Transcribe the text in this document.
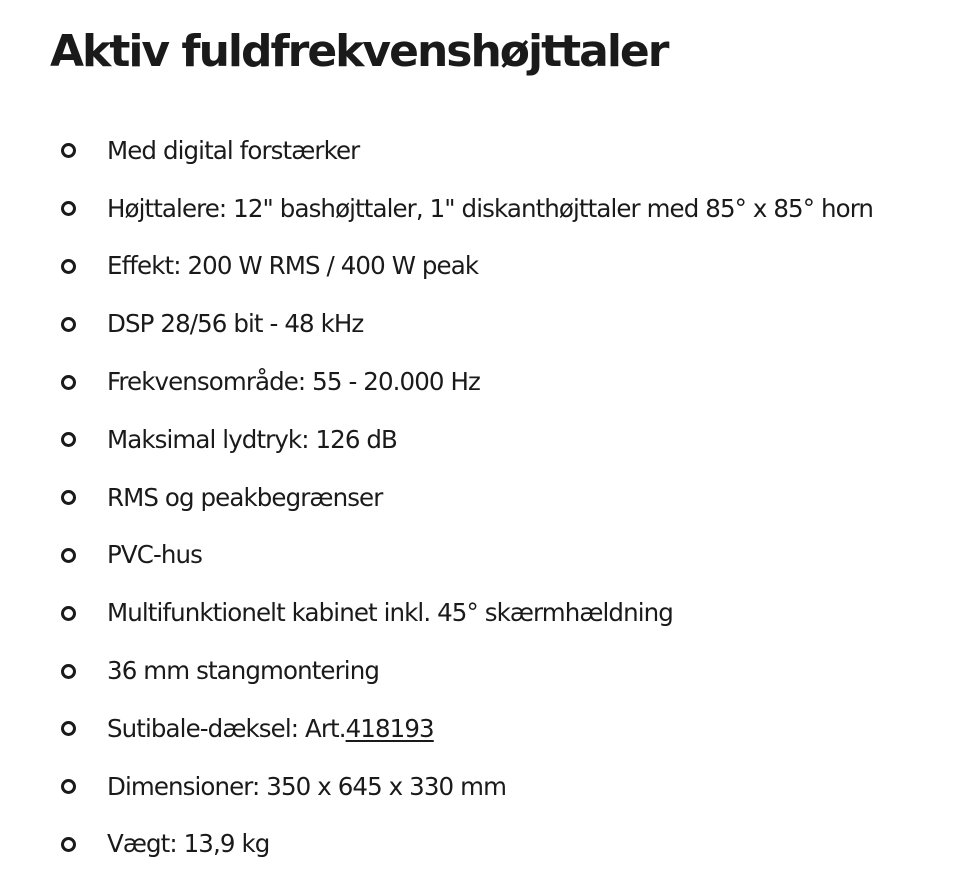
Aktiv fuldfrekvenshøjttaler
Med digital forstærker
Højttalere: 12" bashøjttaler, 1" diskanthøjttaler med 85° x 85° horn
Effekt: 200 W RMS / 400 W peak
DSP 28/56 bit - 48 kHz
Frekvensområde: 55 - 20.000 Hz
Maksimal lydtryk: 126 dB
RMS og peakbegrænser
PVC-hus
Multifunktionelt kabinet inkl. 45° skærmhældning
36 mm stangmontering
Sutibale-dæksel: Art.418193
Dimensioner: 350 x 645 x 330 mm
Vægt: 13,9 kg
